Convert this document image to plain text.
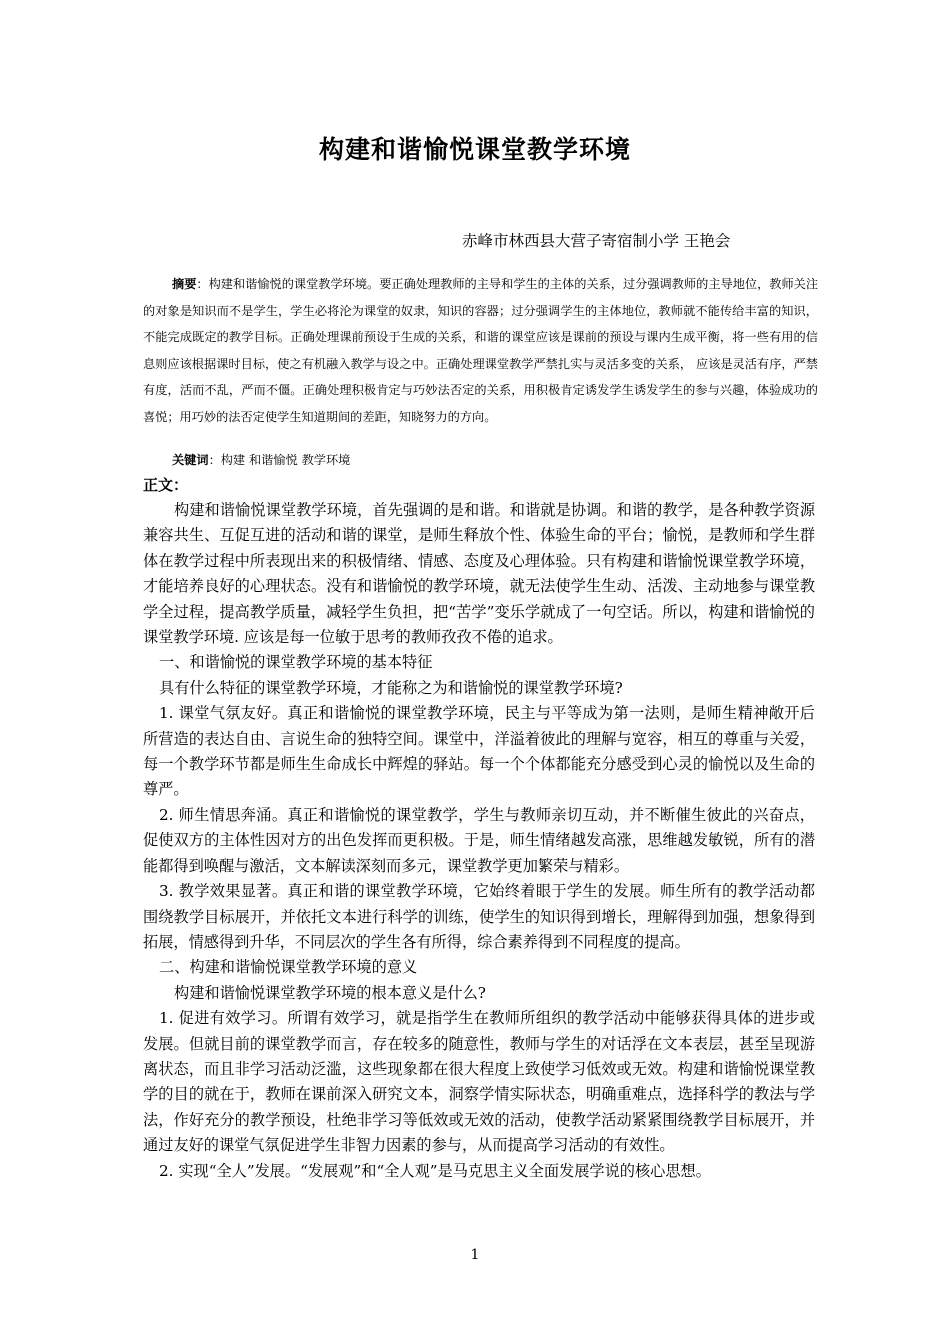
构建和谐愉悦课堂教学环境
赤峰市林西县大营子寄宿制小学 王艳会
摘要：构建和谐愉悦的课堂教学环境。要正确处理教师的主导和学生的主体的关系，过分强调教师的主导地位，教师关注的对象是知识而不是学生，学生必将沦为课堂的奴隶，知识的容器；过分强调学生的主体地位，教师就不能传给丰富的知识，不能完成既定的教学目标。正确处理课前预设于生成的关系，和谐的课堂应该是课前的预设与课内生成平衡，将一些有用的信息则应该根据课时目标，使之有机融入教学与设之中。正确处理课堂教学严禁扎实与灵活多变的关系， 应该是灵活有序，严禁有度，活而不乱，严而不僵。正确处理积极肯定与巧妙法否定的关系，用积极肯定诱发学生诱发学生的参与兴趣，体验成功的喜悦；用巧妙的法否定使学生知道期间的差距，知晓努力的方向。
关键词：构建 和谐愉悦 教学环境
正文：

构建和谐愉悦课堂教学环境，首先强调的是和谐。和谐就是协调。和谐的教学，是各种教学资源兼容共生、互促互进的活动和谐的课堂，是师生释放个性、体验生命的平台；愉悦，是教师和学生群体在教学过程中所表现出来的积极情绪、情感、态度及心理体验。只有构建和谐愉悦课堂教学环境，才能培养良好的心理状态。没有和谐愉悦的教学环境，就无法使学生生动、活泼、主动地参与课堂教学全过程，提高教学质量，减轻学生负担，把“苦学”变乐学就成了一句空话。所以，构建和谐愉悦的课堂教学环境. 应该是每一位敏于思考的教师孜孜不倦的追求。

一、和谐愉悦的课堂教学环境的基本特征

具有什么特征的课堂教学环境，才能称之为和谐愉悦的课堂教学环境?

1. 课堂气氛友好。真正和谐愉悦的课堂教学环境，民主与平等成为第一法则，是师生精神敞开后所营造的表达自由、言说生命的独特空间。课堂中，洋溢着彼此的理解与宽容，相互的尊重与关爱，每一个教学环节都是师生生命成长中辉煌的驿站。每一个个体都能充分感受到心灵的愉悦以及生命的尊严。

2. 师生情思奔涌。真正和谐愉悦的课堂教学，学生与教师亲切互动，并不断催生彼此的兴奋点，促使双方的主体性因对方的出色发挥而更积极。于是，师生情绪越发高涨，思维越发敏锐，所有的潜能都得到唤醒与激活，文本解读深刻而多元，课堂教学更加繁荣与精彩。

3. 教学效果显著。真正和谐的课堂教学环境，它始终着眼于学生的发展。师生所有的教学活动都围绕教学目标展开，并依托文本进行科学的训练，使学生的知识得到增长，理解得到加强，想象得到拓展，情感得到升华，不同层次的学生各有所得，综合素养得到不同程度的提高。

二、构建和谐愉悦课堂教学环境的意义

构建和谐愉悦课堂教学环境的根本意义是什么?

1. 促进有效学习。所谓有效学习，就是指学生在教师所组织的教学活动中能够获得具体的进步或发展。但就目前的课堂教学而言，存在较多的随意性，教师与学生的对话浮在文本表层，甚至呈现游离状态，而且非学习活动泛滥，这些现象都在很大程度上致使学习低效或无效。构建和谐愉悦课堂教学的目的就在于，教师在课前深入研究文本，洞察学情实际状态，明确重难点，选择科学的教法与学法，作好充分的教学预设，杜绝非学习等低效或无效的活动，使教学活动紧紧围绕教学目标展开，并通过友好的课堂气氛促进学生非智力因素的参与，从而提高学习活动的有效性。

2. 实现“全人”发展。“发展观”和“全人观”是马克思主义全面发展学说的核心思想。

1
